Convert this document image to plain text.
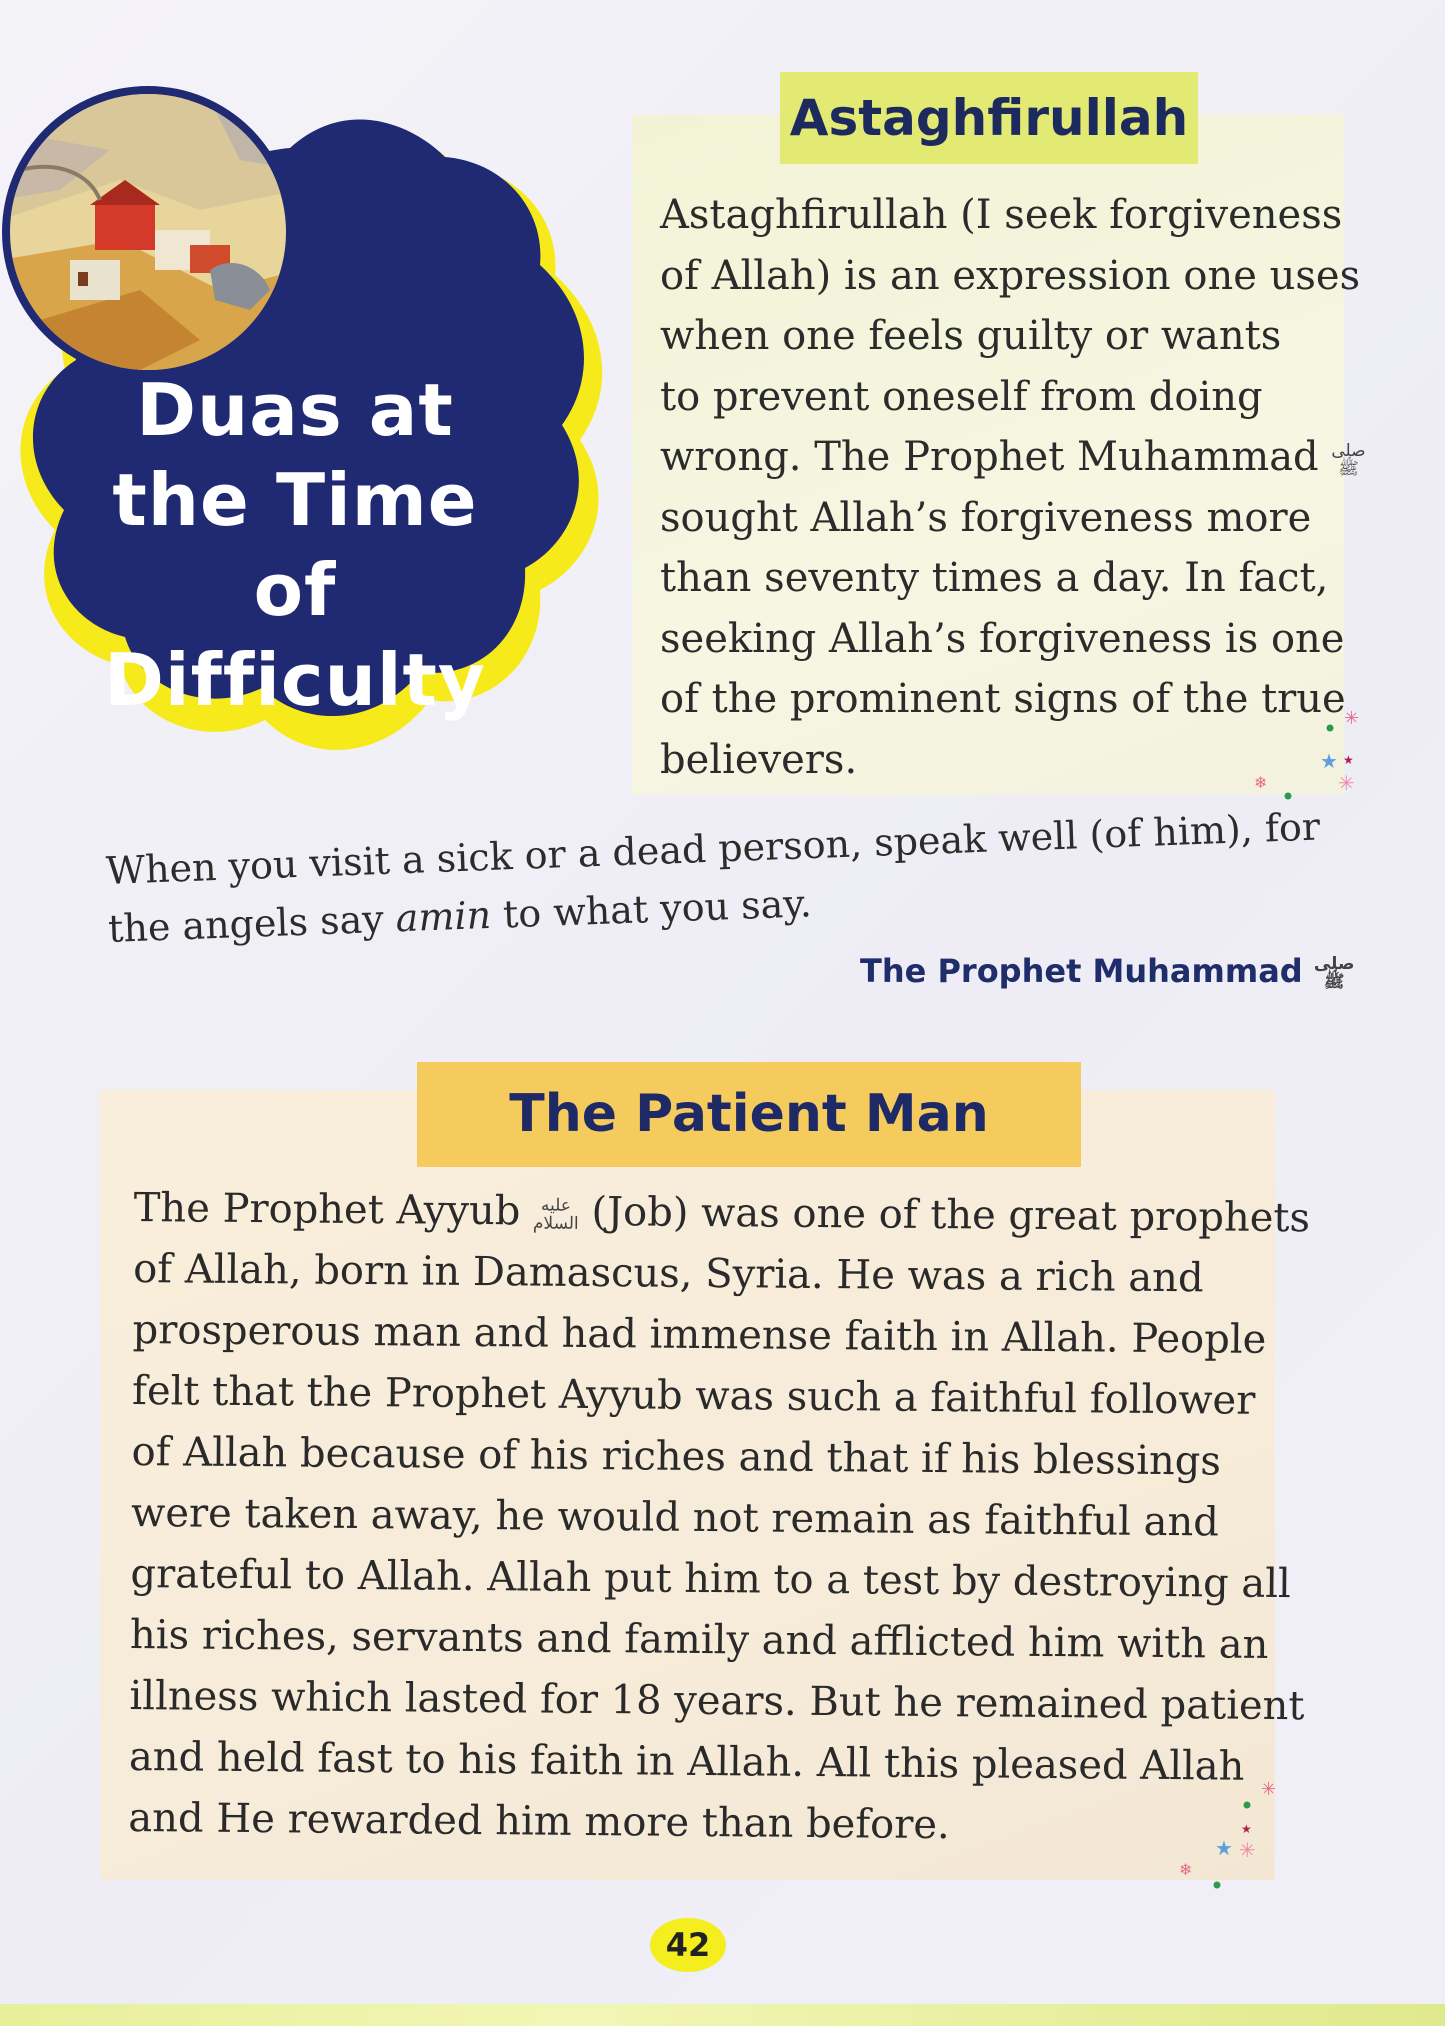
Duas at
the Time
of Difficulty
Astaghfirullah
Astaghfirullah (I seek forgiveness
of Allah) is an expression one uses
when one feels guilty or wants
to prevent oneself from doing
wrong. The Prophet Muhammad صلى
ﷺ
sought Allah’s forgiveness more
than seventy times a day. In fact,
seeking Allah’s forgiveness is one
of the prominent signs of the true
believers.
✳
★ ★
✳
❄
When you visit a sick or a dead person, speak well (of him), for
the angels say amin to what you say.
The Prophet Muhammad صلى
ﷺ
The Patient Man
The Prophet Ayyub عليه
السلام (Job) was one of the great prophets
of Allah, born in Damascus, Syria. He was a rich and
prosperous man and had immense faith in Allah. People
felt that the Prophet Ayyub was such a faithful follower
of Allah because of his riches and that if his blessings
were taken away, he would not remain as faithful and
grateful to Allah. Allah put him to a test by destroying all
his riches, servants and family and afflicted him with an
illness which lasted for 18 years. But he remained patient
and held fast to his faith in Allah. All this pleased Allah
and He rewarded him more than before.
✳
★
★ ✳
❄
42
